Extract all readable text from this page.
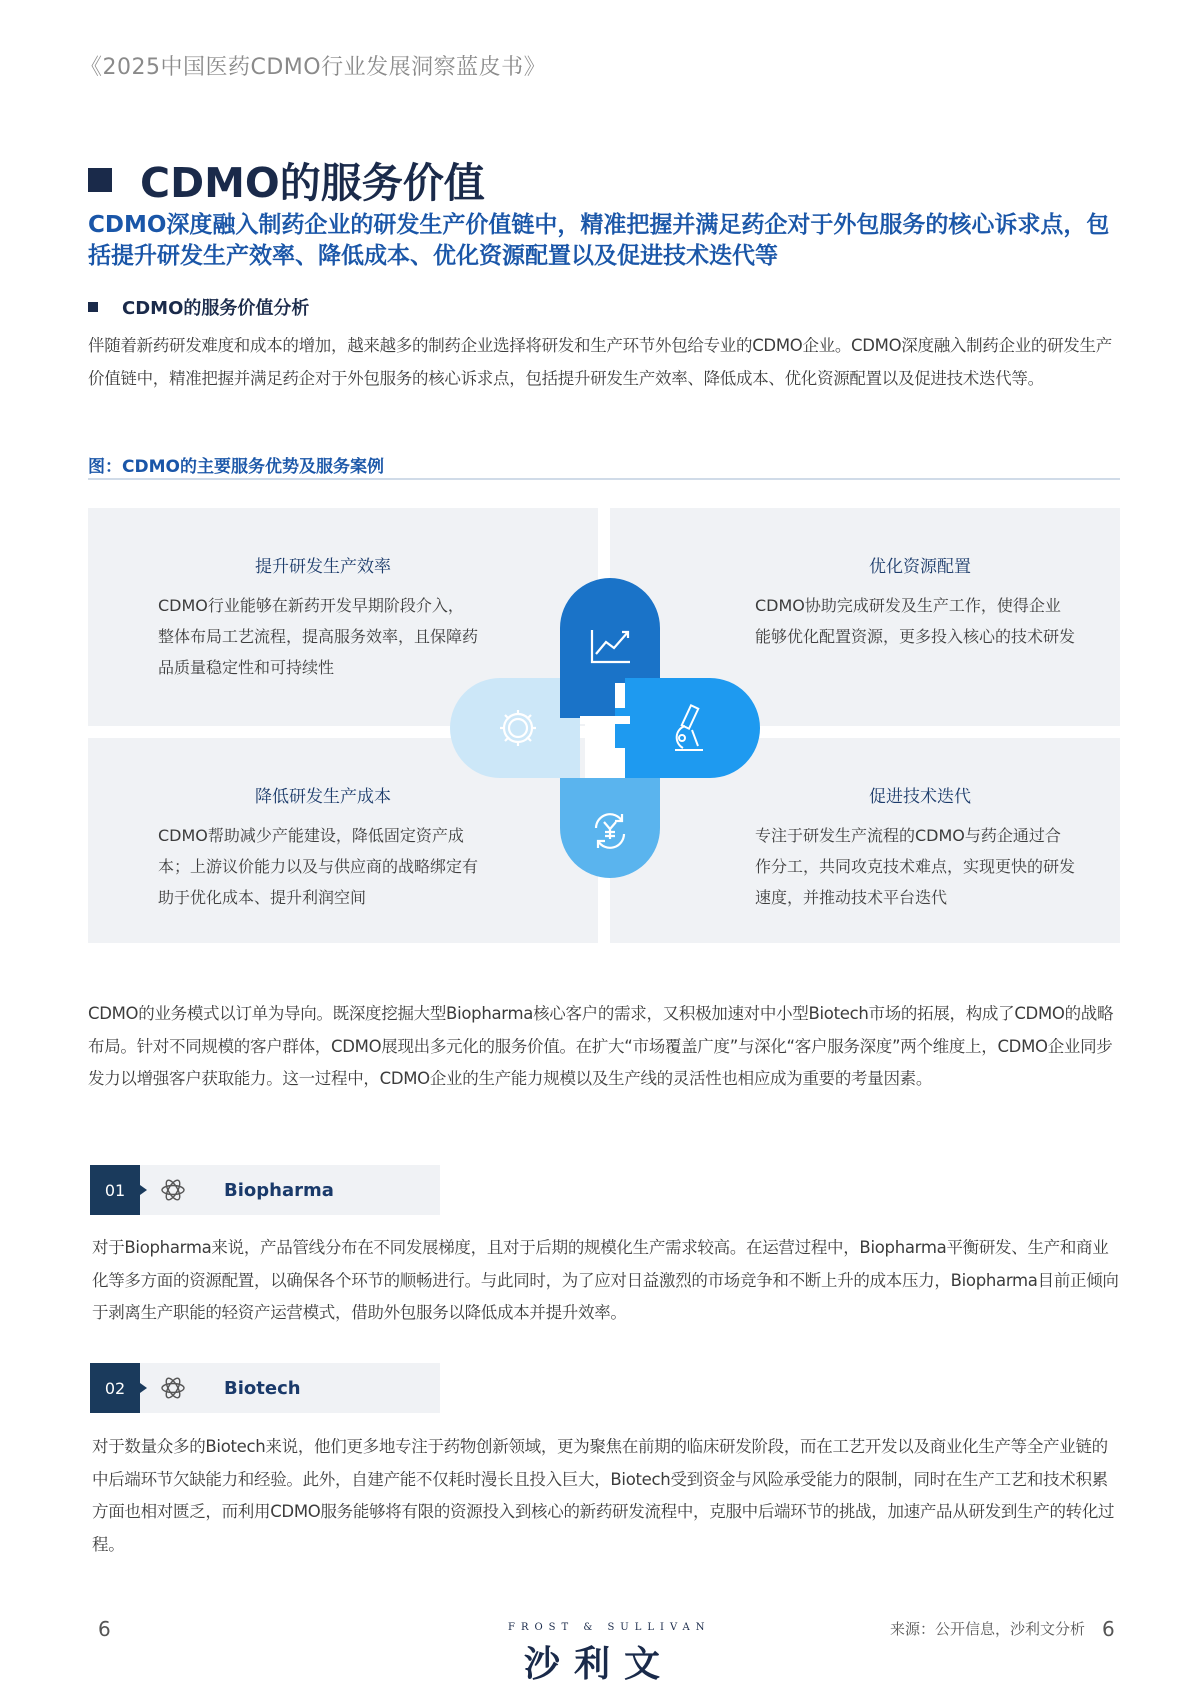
《2025中国医药CDMO行业发展洞察蓝皮书》
CDMO的服务价值
CDMO深度融入制药企业的研发生产价值链中，精准把握并满足药企对于外包服务的核心诉求点，包括提升研发生产效率、降低成本、优化资源配置以及促进技术迭代等
CDMO的服务价值分析
伴随着新药研发难度和成本的增加，越来越多的制药企业选择将研发和生产环节外包给专业的CDMO企业。CDMO深度融入制药企业的研发生产价值链中，精准把握并满足药企对于外包服务的核心诉求点，包括提升研发生产效率、降低成本、优化资源配置以及促进技术迭代等。
图：CDMO的主要服务优势及服务案例
提升研发生产效率
CDMO行业能够在新药开发早期阶段介入，整体布局工艺流程，提高服务效率，且保障药品质量稳定性和可持续性
优化资源配置
CDMO协助完成研发及生产工作，使得企业能够优化配置资源，更多投入核心的技术研发
降低研发生产成本
CDMO帮助减少产能建设，降低固定资产成本；上游议价能力以及与供应商的战略绑定有助于优化成本、提升利润空间
促进技术迭代
专注于研发生产流程的CDMO与药企通过合作分工，共同攻克技术难点，实现更快的研发速度，并推动技术平台迭代
CDMO的业务模式以订单为导向。既深度挖掘大型Biopharma核心客户的需求，又积极加速对中小型Biotech市场的拓展，构成了CDMO的战略布局。针对不同规模的客户群体，CDMO展现出多元化的服务价值。在扩大“市场覆盖广度”与深化“客户服务深度”两个维度上，CDMO企业同步发力以增强客户获取能力。这一过程中，CDMO企业的生产能力规模以及生产线的灵活性也相应成为重要的考量因素。
01	Biopharma
对于Biopharma来说，产品管线分布在不同发展梯度，且对于后期的规模化生产需求较高。在运营过程中，Biopharma平衡研发、生产和商业化等多方面的资源配置，以确保各个环节的顺畅进行。与此同时，为了应对日益激烈的市场竞争和不断上升的成本压力，Biopharma目前正倾向于剥离生产职能的轻资产运营模式，借助外包服务以降低成本并提升效率。
02	Biotech
对于数量众多的Biotech来说，他们更多地专注于药物创新领域，更为聚焦在前期的临床研发阶段，而在工艺开发以及商业化生产等全产业链的中后端环节欠缺能力和经验。此外，自建产能不仅耗时漫长且投入巨大，Biotech受到资金与风险承受能力的限制，同时在生产工艺和技术积累方面也相对匮乏，而利用CDMO服务能够将有限的资源投入到核心的新药研发流程中，克服中后端环节的挑战，加速产品从研发到生产的转化过程。
6	FROST & SULLIVAN
沙利文
来源：公开信息，沙利文分析 6
